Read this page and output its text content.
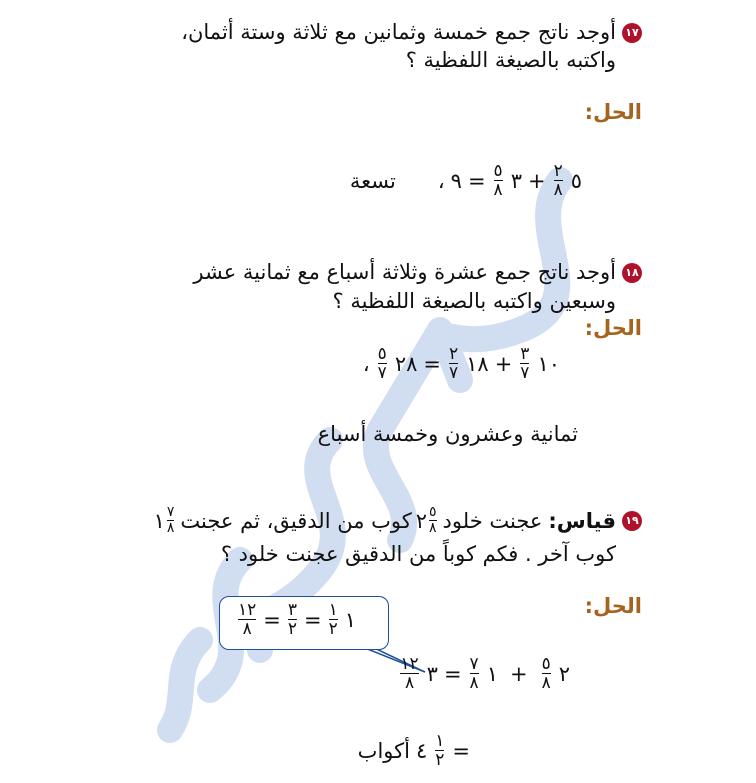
١٧أوجد ناتج جمع خمسة وثمانين مع ثلاثة وستة أثمان،
واكتبه بالصيغة اللفظية ؟
الحل:
٥
$\frac{٢}{٨}$
+
٣
$\frac{٥}{٨}$
=
٩
،
تسعة
١٨أوجد ناتج جمع عشرة وثلاثة أسباع مع ثمانية عشر
وسبعين واكتبه بالصيغة اللفظية ؟
الحل:
١٠
$\frac{٣}{٧}$
+
١٨
$\frac{٢}{٧}$
=
٢٨
$\frac{٥}{٧}$
،
ثمانية وعشرون وخمسة أسباع
١٩
قياس:
عجنت خلود
$\frac{٥}{٨}$
٢
كوب من الدقيق، ثم عجنت
$\frac{٧}{٨}$
١
كوب آخر . فكم كوباً من الدقيق عجنت خلود ؟
الحل:
١
$\frac{١}{٢}$
=
$\frac{٣}{٢}$
=
$\frac{١٢}{٨}$
٢
$\frac{٥}{٨}$
+
١
$\frac{٧}{٨}$
=
٣
$\frac{١٢}{٨}$
=
$\frac{١}{٢}$
٤
أكواب
